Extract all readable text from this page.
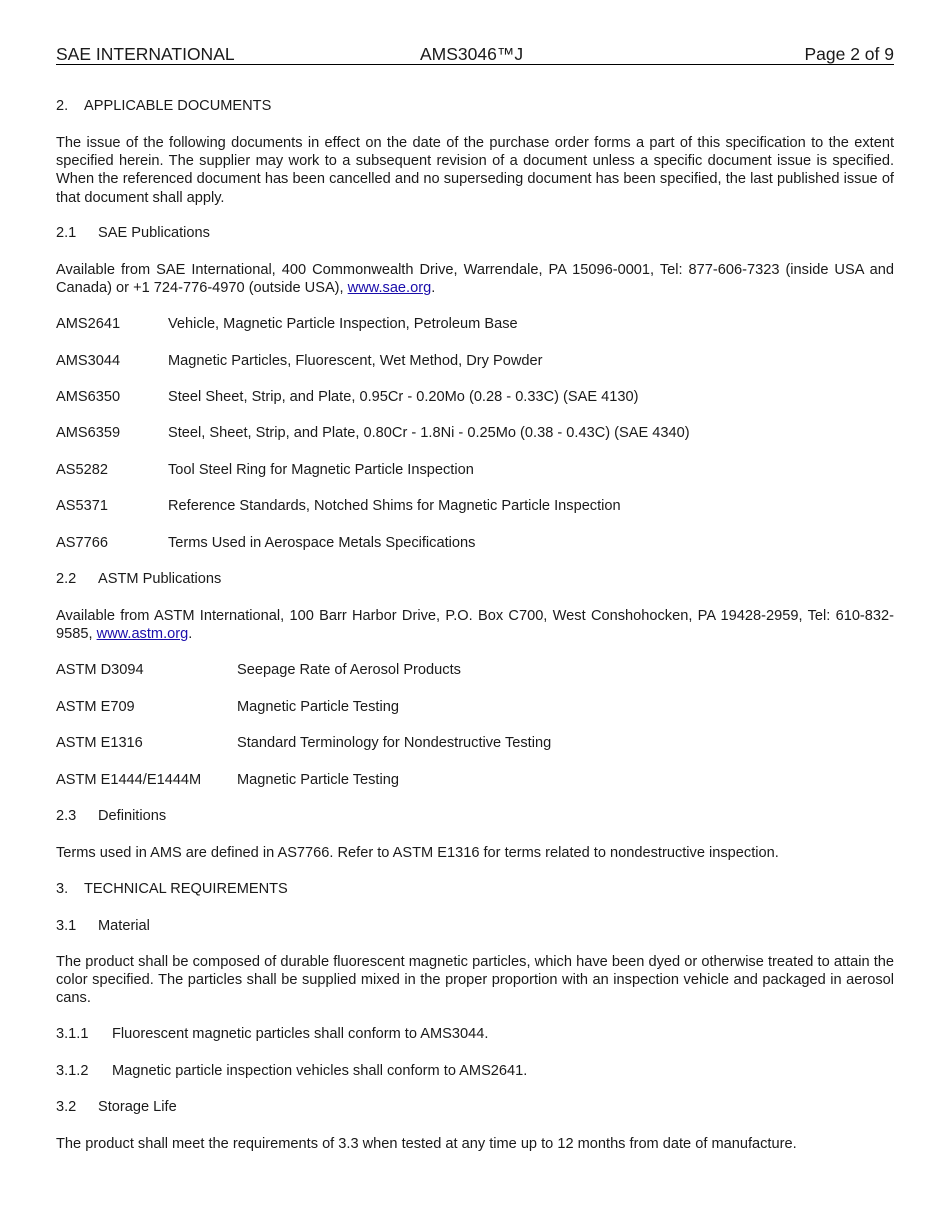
SAE INTERNATIONAL	AMS3046™J	Page 2 of 9
2. APPLICABLE DOCUMENTS
The issue of the following documents in effect on the date of the purchase order forms a part of this specification to the extent specified herein. The supplier may work to a subsequent revision of a document unless a specific document issue is specified. When the referenced document has been cancelled and no superseding document has been specified, the last published issue of that document shall apply.
2.1 SAE Publications
Available from SAE International, 400 Commonwealth Drive, Warrendale, PA 15096-0001, Tel: 877-606-7323 (inside USA and Canada) or +1 724-776-4970 (outside USA), www.sae.org.
AMS2641	Vehicle, Magnetic Particle Inspection, Petroleum Base
AMS3044	Magnetic Particles, Fluorescent, Wet Method, Dry Powder
AMS6350	Steel Sheet, Strip, and Plate, 0.95Cr - 0.20Mo (0.28 - 0.33C) (SAE 4130)
AMS6359	Steel, Sheet, Strip, and Plate, 0.80Cr - 1.8Ni - 0.25Mo (0.38 - 0.43C) (SAE 4340)
AS5282	Tool Steel Ring for Magnetic Particle Inspection
AS5371	Reference Standards, Notched Shims for Magnetic Particle Inspection
AS7766	Terms Used in Aerospace Metals Specifications
2.2 ASTM Publications
Available from ASTM International, 100 Barr Harbor Drive, P.O. Box C700, West Conshohocken, PA 19428-2959, Tel: 610-832-9585, www.astm.org.
ASTM D3094	Seepage Rate of Aerosol Products
ASTM E709	Magnetic Particle Testing
ASTM E1316	Standard Terminology for Nondestructive Testing
ASTM E1444/E1444M Magnetic Particle Testing
2.3 Definitions
Terms used in AMS are defined in AS7766. Refer to ASTM E1316 for terms related to nondestructive inspection.
3. TECHNICAL REQUIREMENTS
3.1 Material
The product shall be composed of durable fluorescent magnetic particles, which have been dyed or otherwise treated to attain the color specified. The particles shall be supplied mixed in the proper proportion with an inspection vehicle and packaged in aerosol cans.
3.1.1 Fluorescent magnetic particles shall conform to AMS3044.
3.1.2 Magnetic particle inspection vehicles shall conform to AMS2641.
3.2 Storage Life
The product shall meet the requirements of 3.3 when tested at any time up to 12 months from date of manufacture.
